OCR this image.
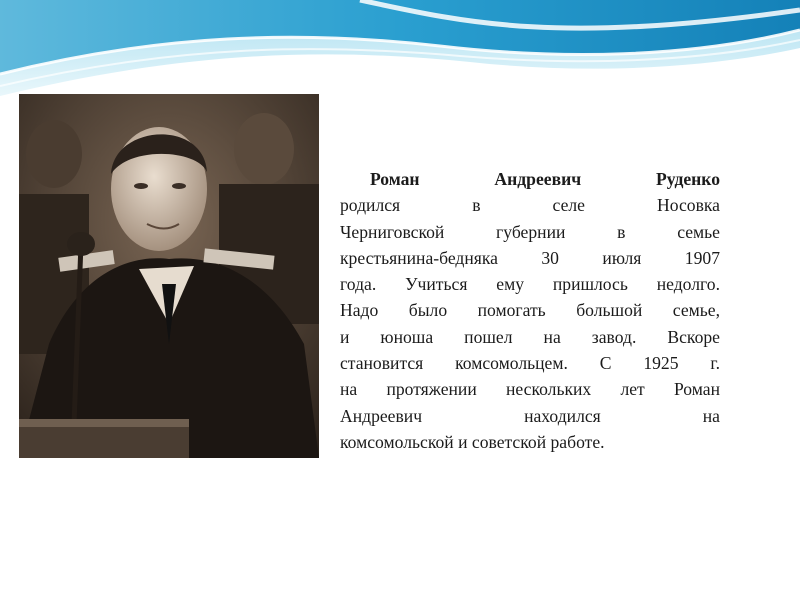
Роман Андреевич Руденко
родился в селе Носовка
Черниговской губернии в семье
крестьянина-бедняка 30 июля 1907
года. Учиться ему пришлось недолго.
Надо было помогать большой семье,
и юноша пошел на завод. Вскоре
становится комсомольцем. С 1925 г.
на протяжении нескольких лет Роман
Андреевич находился на
комсомольской и советской работе.
